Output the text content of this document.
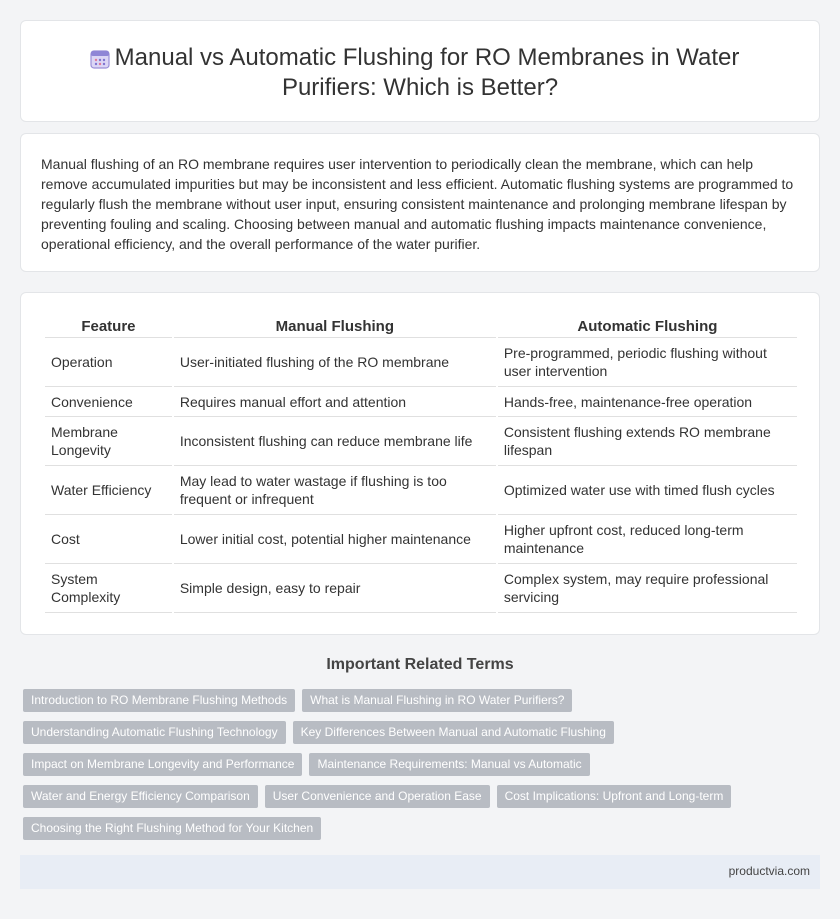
Manual vs Automatic Flushing for RO Membranes in Water Purifiers: Which is Better?

Manual flushing of an RO membrane requires user intervention to periodically clean the membrane, which can help remove accumulated impurities but may be inconsistent and less efficient. Automatic flushing systems are programmed to regularly flush the membrane without user input, ensuring consistent maintenance and prolonging membrane lifespan by preventing fouling and scaling. Choosing between manual and automatic flushing impacts maintenance convenience, operational efficiency, and the overall performance of the water purifier.

Feature	Manual Flushing	Automatic Flushing
Operation	User-initiated flushing of the RO membrane	Pre-programmed, periodic flushing without user intervention
Convenience	Requires manual effort and attention	Hands-free, maintenance-free operation
Membrane Longevity	Inconsistent flushing can reduce membrane life	Consistent flushing extends RO membrane lifespan
Water Efficiency	May lead to water wastage if flushing is too frequent or infrequent	Optimized water use with timed flush cycles
Cost	Lower initial cost, potential higher maintenance	Higher upfront cost, reduced long-term maintenance
System Complexity	Simple design, easy to repair	Complex system, may require professional servicing
Important Related Terms
Introduction to RO Membrane Flushing Methods	What is Manual Flushing in RO Water Purifiers?
Understanding Automatic Flushing Technology	Key Differences Between Manual and Automatic Flushing
Impact on Membrane Longevity and Performance	Maintenance Requirements: Manual vs Automatic
Water and Energy Efficiency Comparison	User Convenience and Operation Ease	Cost Implications: Upfront and Long-term
Choosing the Right Flushing Method for Your Kitchen
productvia.com
